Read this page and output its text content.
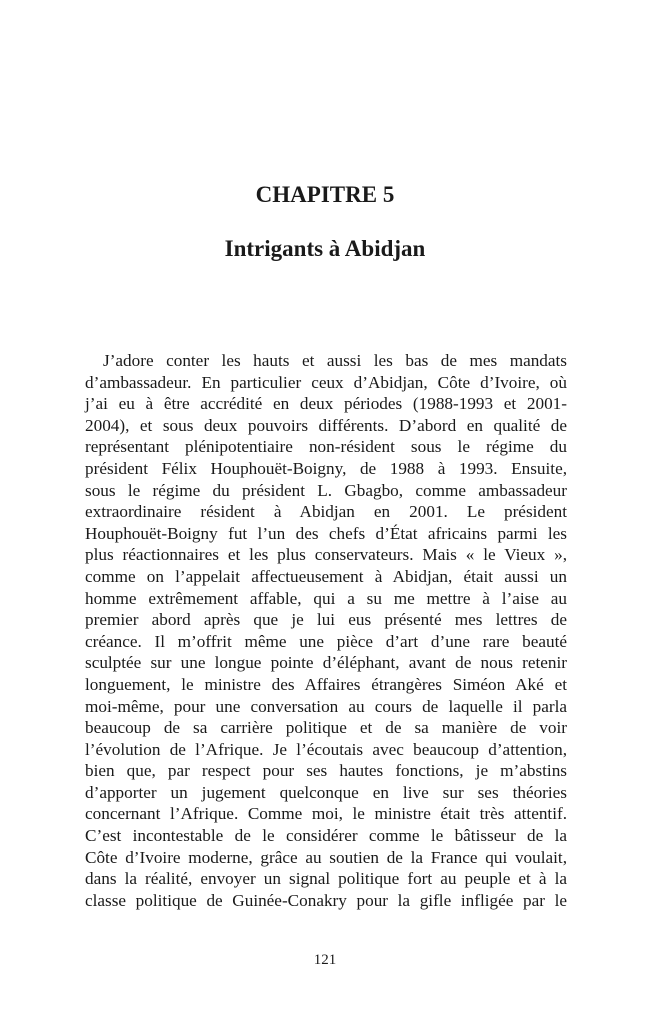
CHAPITRE 5
Intrigants à Abidjan
J’adore conter les hauts et aussi les bas de mes mandats
d’ambassadeur. En particulier ceux d’Abidjan, Côte d’Ivoire, où
j’ai eu à être accrédité en deux périodes (1988-1993 et 2001-
2004), et sous deux pouvoirs différents. D’abord en qualité de
représentant plénipotentiaire non-résident sous le régime du
président Félix Houphouët-Boigny, de 1988 à 1993. Ensuite,
sous le régime du président L. Gbagbo, comme ambassadeur
extraordinaire résident à Abidjan en 2001. Le président
Houphouët-Boigny fut l’un des chefs d’État africains parmi les
plus réactionnaires et les plus conservateurs. Mais « le Vieux »,
comme on l’appelait affectueusement à Abidjan, était aussi un
homme extrêmement affable, qui a su me mettre à l’aise au
premier abord après que je lui eus présenté mes lettres de
créance. Il m’offrit même une pièce d’art d’une rare beauté
sculptée sur une longue pointe d’éléphant, avant de nous retenir
longuement, le ministre des Affaires étrangères Siméon Aké et
moi-même, pour une conversation au cours de laquelle il parla
beaucoup de sa carrière politique et de sa manière de voir
l’évolution de l’Afrique. Je l’écoutais avec beaucoup d’attention,
bien que, par respect pour ses hautes fonctions, je m’abstins
d’apporter un jugement quelconque en live sur ses théories
concernant l’Afrique. Comme moi, le ministre était très attentif.
C’est incontestable de le considérer comme le bâtisseur de la
Côte d’Ivoire moderne, grâce au soutien de la France qui voulait,
dans la réalité, envoyer un signal politique fort au peuple et à la
classe politique de Guinée-Conakry pour la gifle infligée par le
121
